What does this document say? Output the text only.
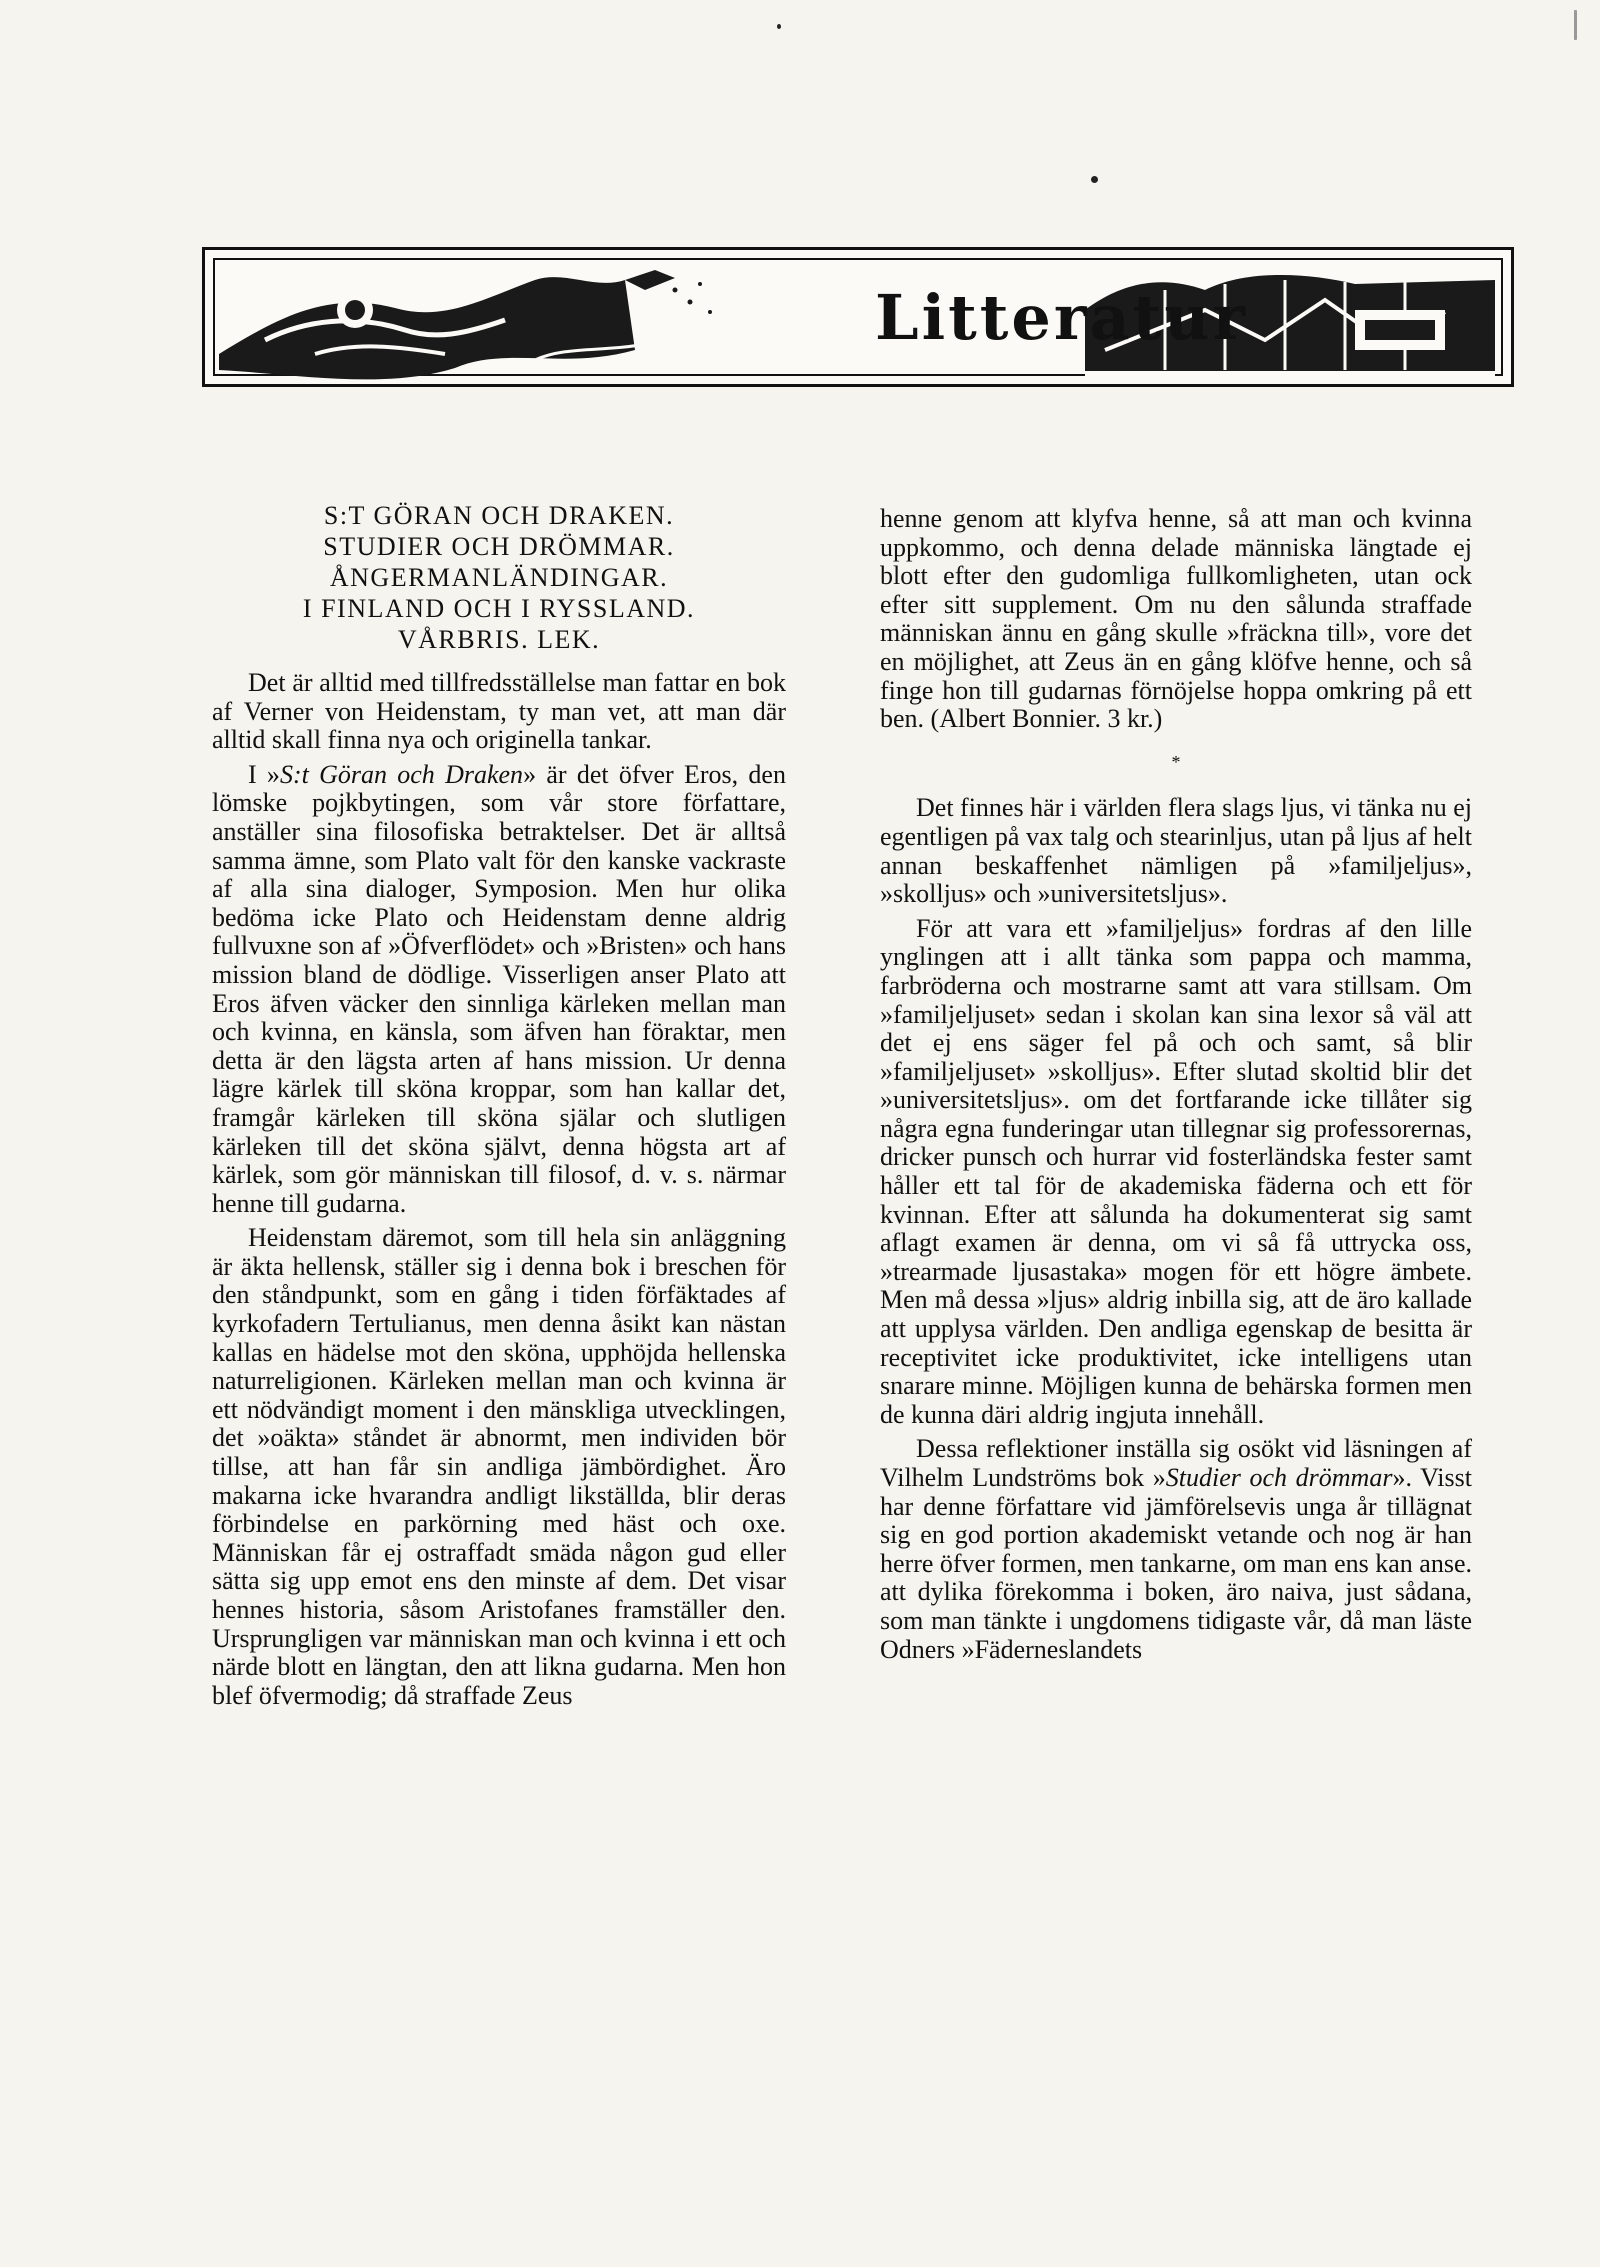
Litteratur
S:T GÖRAN OCH DRAKEN.
STUDIER OCH DRÖMMAR.
ÅNGERMANLÄNDINGAR.
I FINLAND OCH I RYSSLAND.
VÅRBRIS. LEK.

Det är alltid med tillfredsställelse man fattar en bok af Verner von Heidenstam, ty man vet, att man där alltid skall finna nya och originella tankar.

I »S:t Göran och Draken» är det öfver Eros, den lömske pojkbytingen, som vår store författare, anställer sina filosofiska betraktelser. Det är alltså samma ämne, som Plato valt för den kanske vackraste af alla sina dialoger, Symposion. Men hur olika bedöma icke Plato och Heidenstam denne aldrig fullvuxne son af »Öfverflödet» och »Bristen» och hans mission bland de dödlige. Visserligen anser Plato att Eros äfven väcker den sinnliga kärleken mellan man och kvinna, en känsla, som äfven han föraktar, men detta är den lägsta arten af hans mission. Ur denna lägre kärlek till sköna kroppar, som han kallar det, framgår kärleken till sköna själar och slutligen kärleken till det sköna självt, denna högsta art af kärlek, som gör människan till filosof, d. v. s. närmar henne till gudarna.

Heidenstam däremot, som till hela sin anläggning är äkta hellensk, ställer sig i denna bok i breschen för den ståndpunkt, som en gång i tiden förfäktades af kyrkofadern Tertulianus, men denna åsikt kan nästan kallas en hädelse mot den sköna, upphöjda hellenska naturreligionen. Kärleken mellan man och kvinna är ett nödvändigt moment i den mänskliga utvecklingen, det »oäkta» ståndet är abnormt, men individen bör tillse, att han får sin andliga jämbördighet. Äro makarna icke hvarandra andligt likställda, blir deras förbindelse en parkörning med häst och oxe. Människan får ej ostraffadt smäda någon gud eller sätta sig upp emot ens den minste af dem. Det visar hennes historia, såsom Aristofanes framställer den. Ursprungligen var människan man och kvinna i ett och närde blott en längtan, den att likna gudarna. Men hon blef öfvermodig; då straffade Zeus

henne genom att klyfva henne, så att man och kvinna uppkommo, och denna delade människa längtade ej blott efter den gudomliga fullkomligheten, utan ock efter sitt supplement. Om nu den sålunda straffade människan ännu en gång skulle »fräckna till», vore det en möjlighet, att Zeus än en gång klöfve henne, och så finge hon till gudarnas förnöjelse hoppa omkring på ett ben. (Albert Bonnier. 3 kr.)

*

Det finnes här i världen flera slags ljus, vi tänka nu ej egentligen på vax talg och stearinljus, utan på ljus af helt annan beskaffenhet nämligen på »familjeljus», »skolljus» och »universitetsljus».

För att vara ett »familjeljus» fordras af den lille ynglingen att i allt tänka som pappa och mamma, farbröderna och mostrarne samt att vara stillsam. Om »familjeljuset» sedan i skolan kan sina lexor så väl att det ej ens säger fel på och och samt, så blir »familjeljuset» »skolljus». Efter slutad skoltid blir det »universitetsljus». om det fortfarande icke tillåter sig några egna funderingar utan tillegnar sig professorernas, dricker punsch och hurrar vid fosterländska fester samt håller ett tal för de akademiska fäderna och ett för kvinnan. Efter att sålunda ha dokumenterat sig samt aflagt examen är denna, om vi så få uttrycka oss, »trearmade ljusastaka» mogen för ett högre ämbete. Men må dessa »ljus» aldrig inbilla sig, att de äro kallade att upplysa världen. Den andliga egenskap de besitta är receptivitet icke produktivitet, icke intelligens utan snarare minne. Möjligen kunna de behärska formen men de kunna däri aldrig ingjuta innehåll.

Dessa reflektioner inställa sig osökt vid läsningen af Vilhelm Lundströms bok »Studier och drömmar». Visst har denne författare vid jämförelsevis unga år tillägnat sig en god portion akademiskt vetande och nog är han herre öfver formen, men tankarne, om man ens kan anse. att dylika förekomma i boken, äro naiva, just sådana, som man tänkte i ungdomens tidigaste vår, då man läste Odners »Fäderneslandets
